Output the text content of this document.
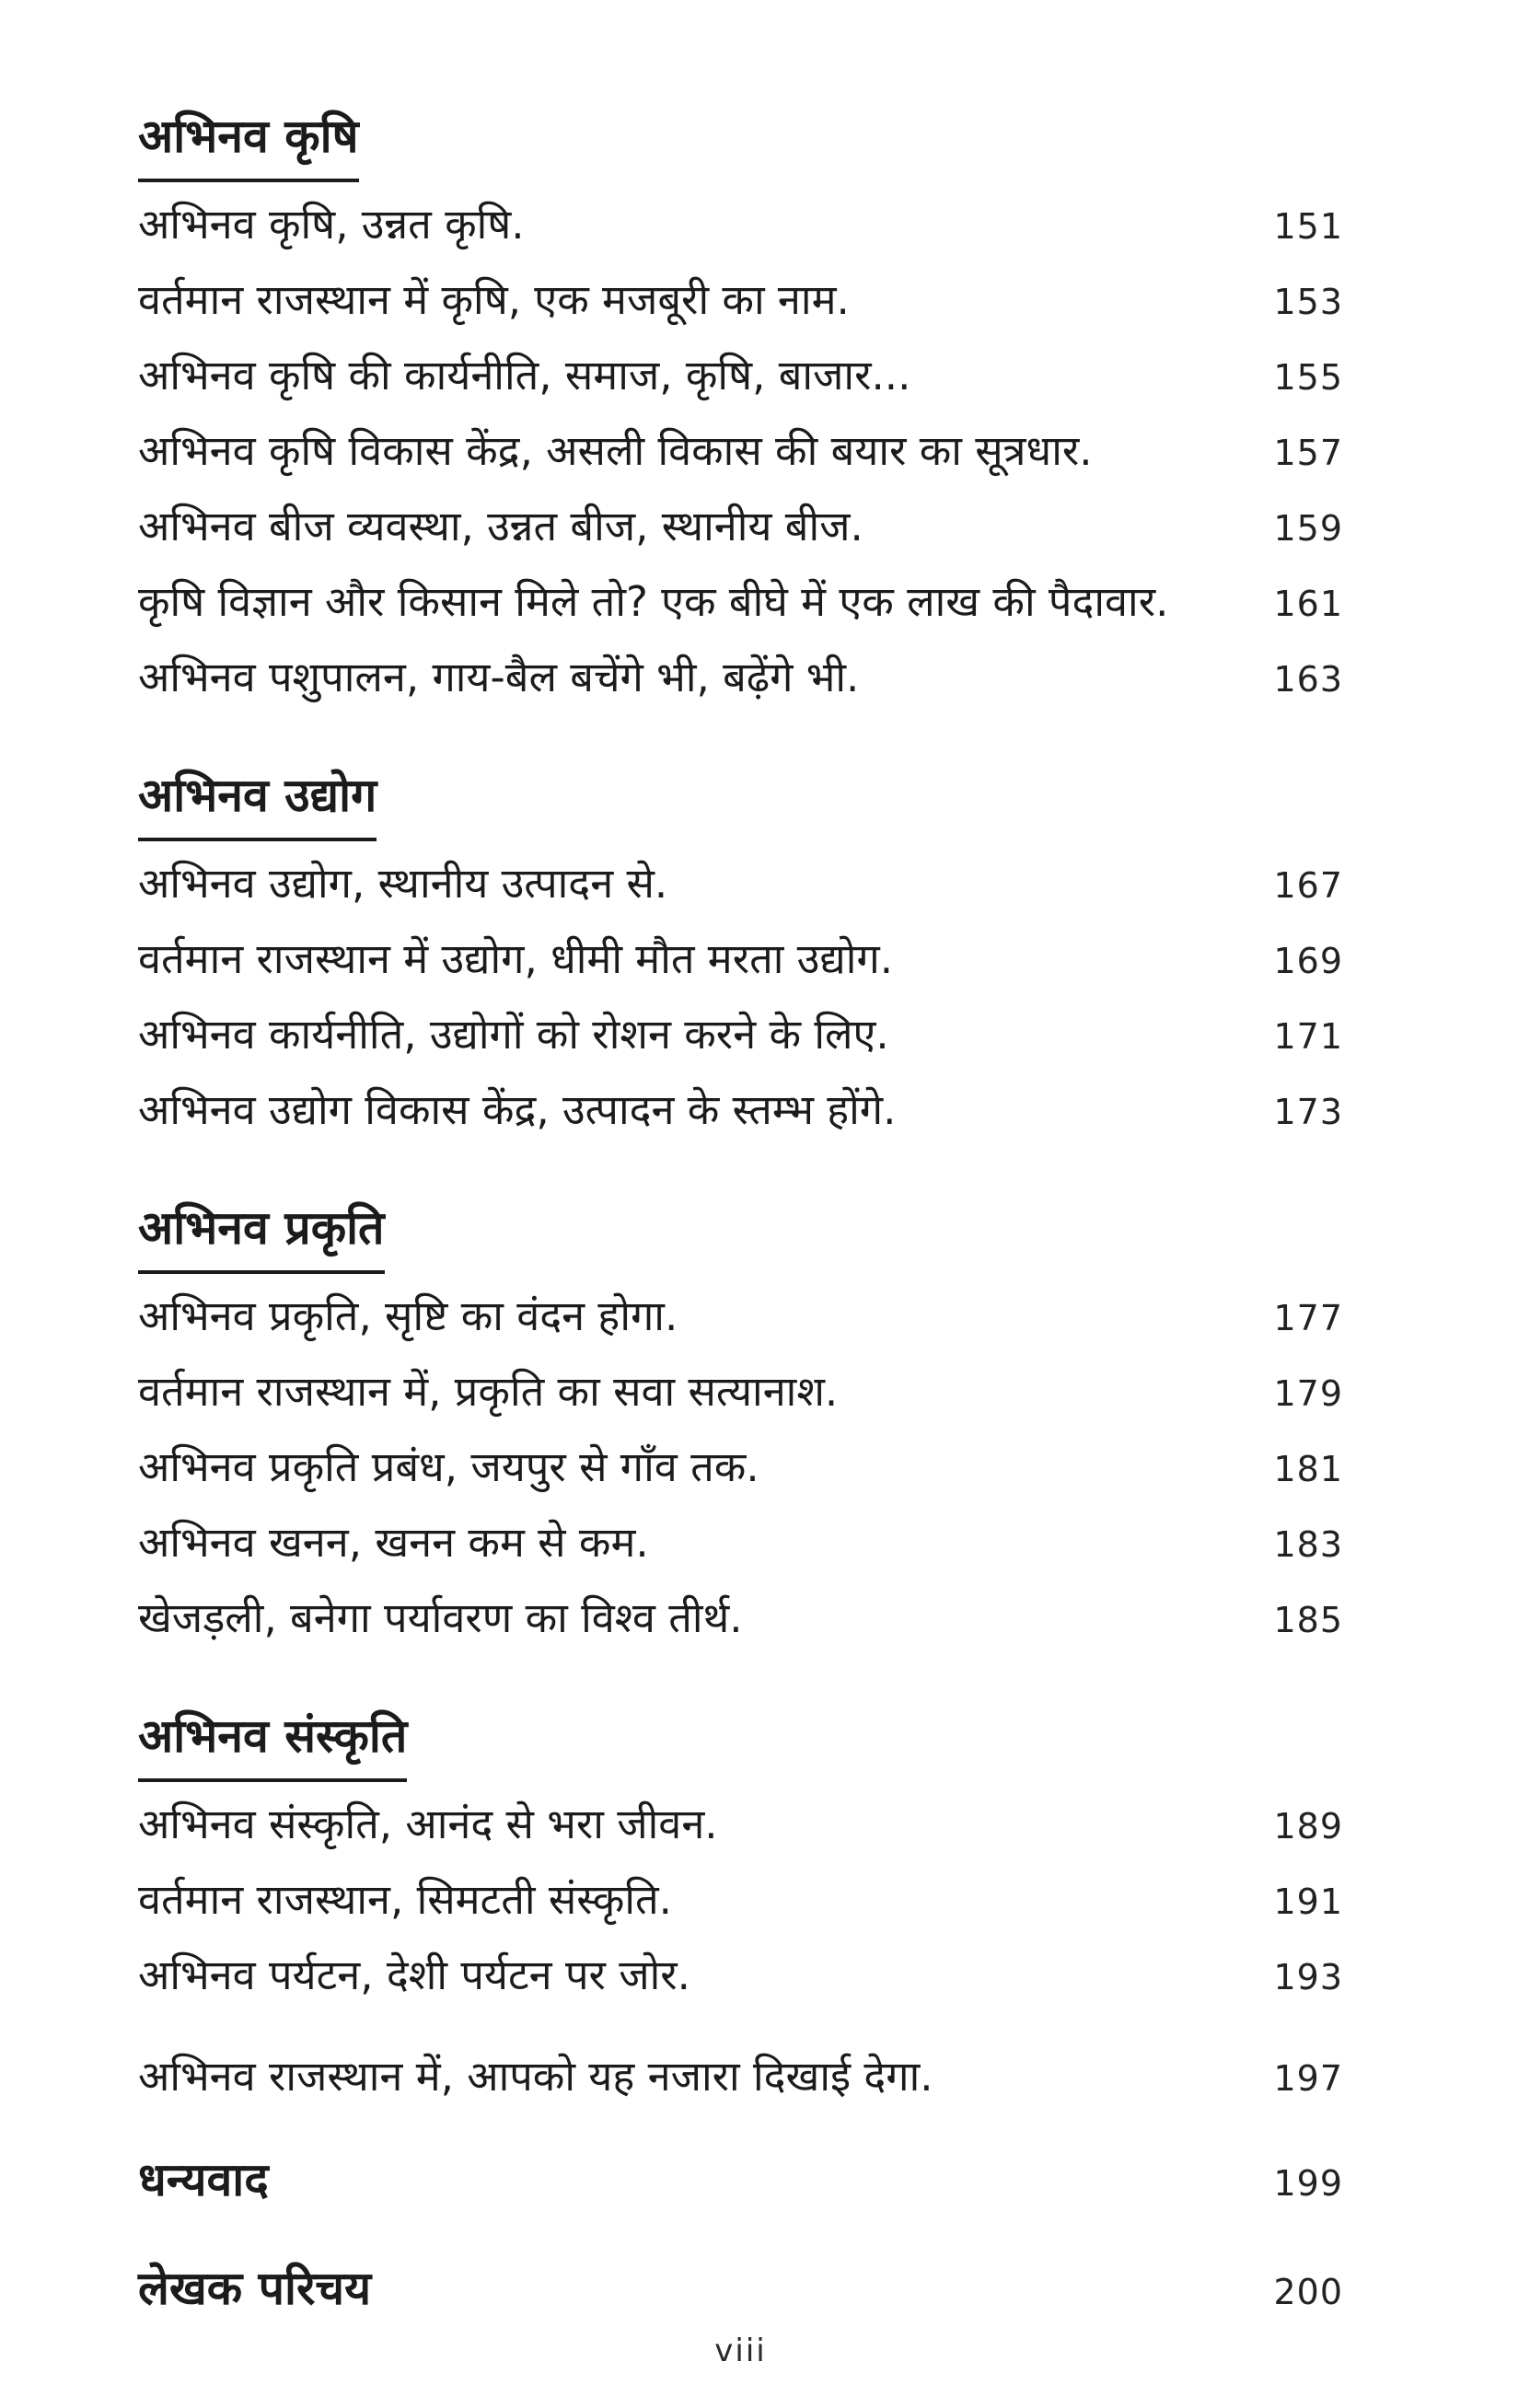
अभिनव कृषि
अभिनव कृषि, उन्नत कृषि.	151
वर्तमान राजस्थान में कृषि, एक मजबूरी का नाम.	153
अभिनव कृषि की कार्यनीति, समाज, कृषि, बाजार...	155
अभिनव कृषि विकास केंद्र, असली विकास की बयार का सूत्रधार.	157
अभिनव बीज व्यवस्था, उन्नत बीज, स्थानीय बीज.	159
कृषि विज्ञान और किसान मिले तो? एक बीघे में एक लाख की पैदावार.	161
अभिनव पशुपालन, गाय-बैल बचेंगे भी, बढ़ेंगे भी.	163
अभिनव उद्योग
अभिनव उद्योग, स्थानीय उत्पादन से.	167
वर्तमान राजस्थान में उद्योग, धीमी मौत मरता उद्योग.	169
अभिनव कार्यनीति, उद्योगों को रोशन करने के लिए.	171
अभिनव उद्योग विकास केंद्र, उत्पादन के स्तम्भ होंगे.	173
अभिनव प्रकृति
अभिनव प्रकृति, सृष्टि का वंदन होगा.	177
वर्तमान राजस्थान में, प्रकृति का सवा सत्यानाश.	179
अभिनव प्रकृति प्रबंध, जयपुर से गाँव तक.	181
अभिनव खनन, खनन कम से कम.	183
खेजड़ली, बनेगा पर्यावरण का विश्व तीर्थ.	185
अभिनव संस्कृति
अभिनव संस्कृति, आनंद से भरा जीवन.	189
वर्तमान राजस्थान, सिमटती संस्कृति.	191
अभिनव पर्यटन, देशी पर्यटन पर जोर.	193
अभिनव राजस्थान में, आपको यह नजारा दिखाई देगा.	197
धन्यवाद	199
लेखक परिचय	200
viii
